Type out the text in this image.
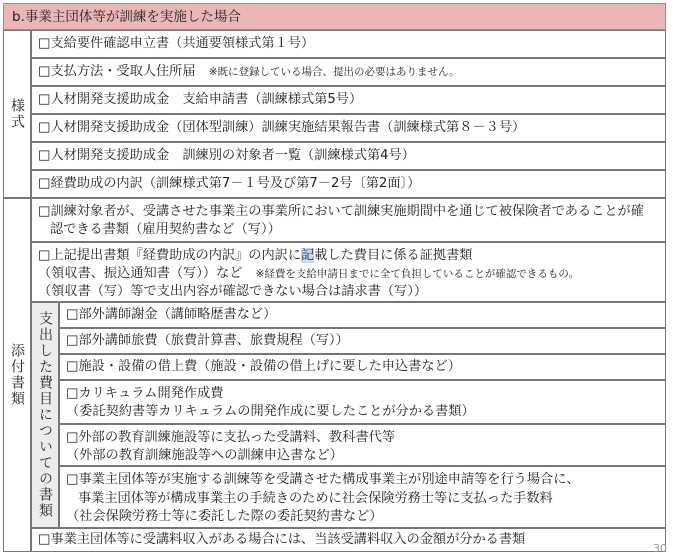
b.事業主団体等が訓練を実施した場合
様式
□支給要件確認申立書（共通要領様式第１号）
□支払方法・受取人住所届　 ※既に登録している場合、提出の必要はありません。
□人材開発支援助成金　支給申請書（訓練様式第5号）
□人材開発支援助成金（団体型訓練）訓練実施結果報告書（訓練様式第８－３号）
□人材開発支援助成金　訓練別の対象者一覧（訓練様式第4号）
□経費助成の内訳（訓練様式第7－１号及び第7－2号〔第2面〕）
添付書類
□訓練対象者が、受講させた事業主の事業所において訓練実施期間中を通じて被保険者であることが確
認できる書類（雇用契約書など（写））
□上記提出書類『経費助成の内訳』の内訳に記載した費目に係る証拠書類
（領収書、振込通知書（写））など　 ※経費を支給申請日までに全て負担していることが確認できるもの。
（領収書（写）等で支出内容が確認できない場合は請求書（写））
支出した費目についての書類 □部外講師謝金（講師略歴書など）
□部外講師旅費（旅費計算書、旅費規程（写））
□施設・設備の借上費（施設・設備の借上げに要した申込書など）
□カリキュラム開発作成費
（委託契約書等カリキュラムの開発作成に要したことが分かる書類）
□外部の教育訓練施設等に支払った受講料、教科書代等
（外部の教育訓練施設等への訓練申込書など）
□事業主団体等が実施する訓練等を受講させた構成事業主が別途申請等を行う場合に、
事業主団体等が構成事業主の手続きのために社会保険労務士等に支払った手数料
（社会保険労務士等に委託した際の委託契約書など）
□事業主団体等に受講料収入がある場合には、当該受講料収入の金額が分かる書類
30
